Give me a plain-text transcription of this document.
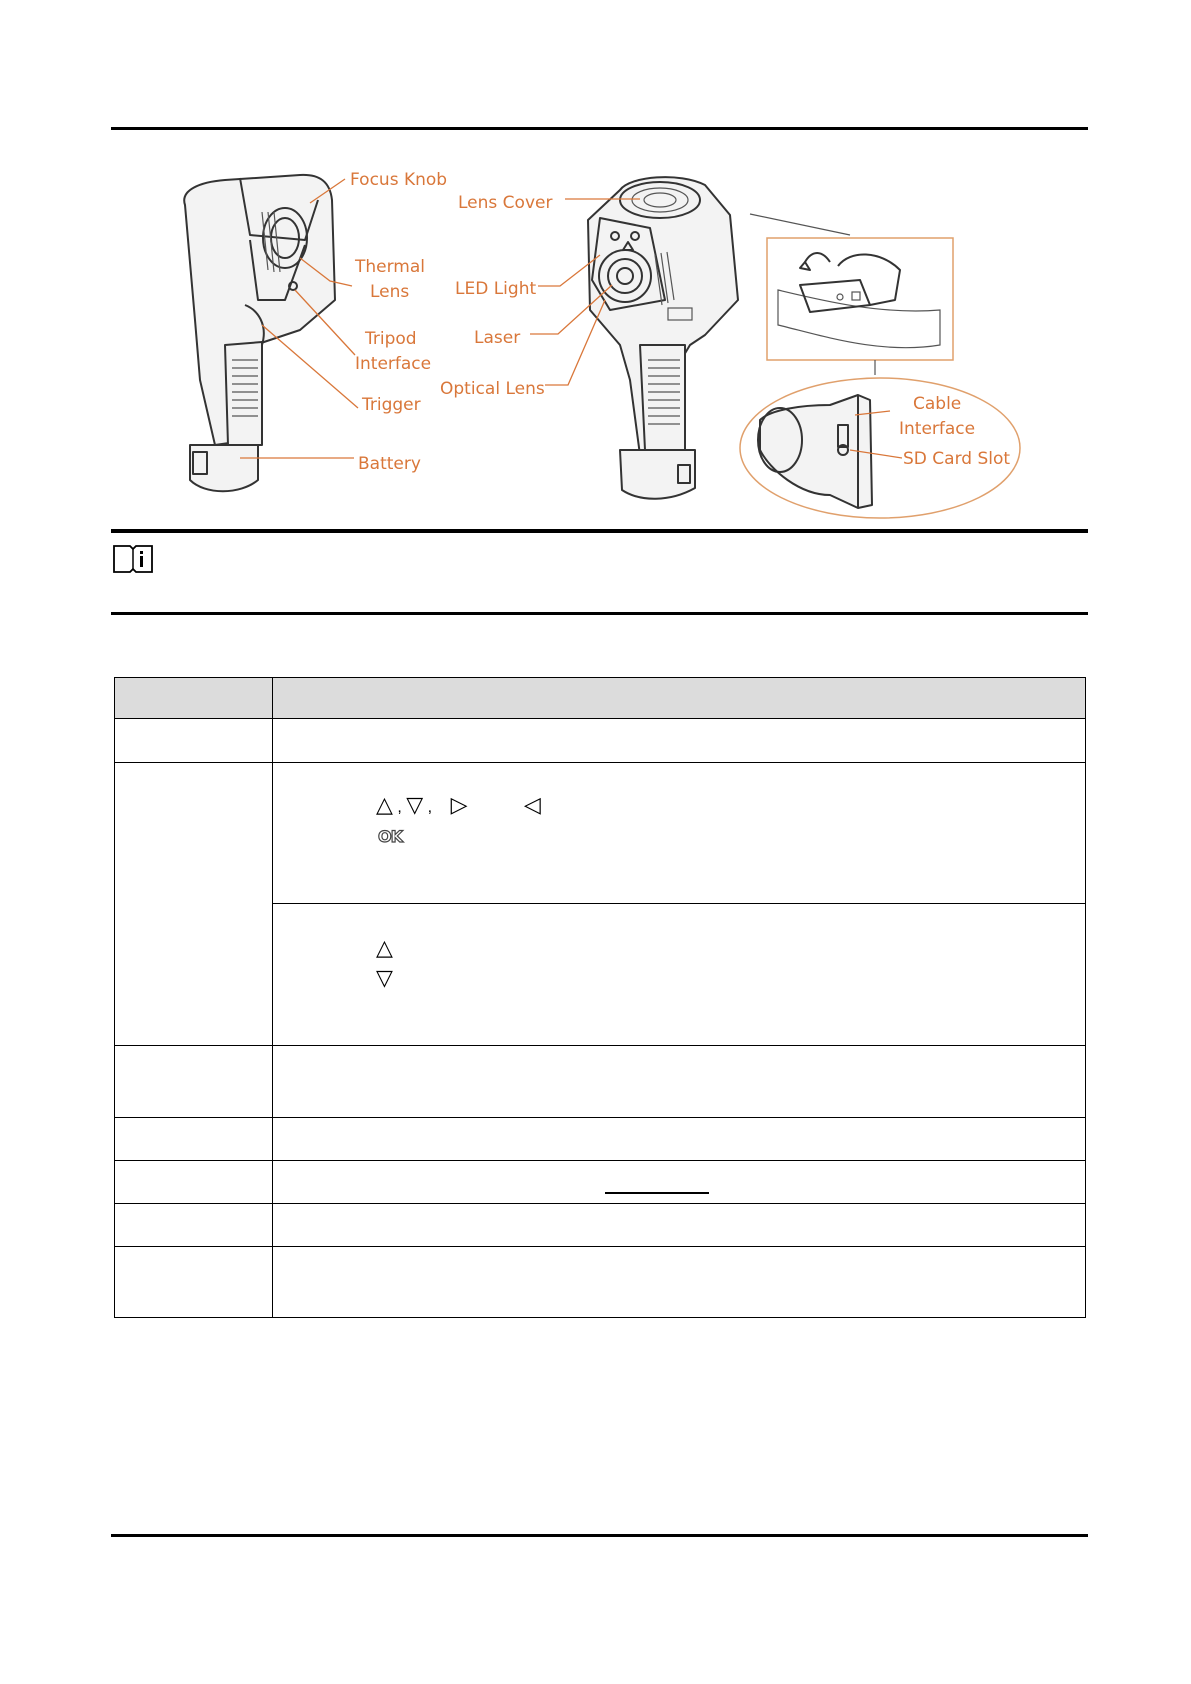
Focus Knob
Thermal
Lens
Tripod
Interface
Trigger
Battery
Lens Cover
LED Light
Laser
Optical Lens
Cable
Interface
SD Card Slot

	△ , ▽ , ▷ ◁
OK

	△
▽
